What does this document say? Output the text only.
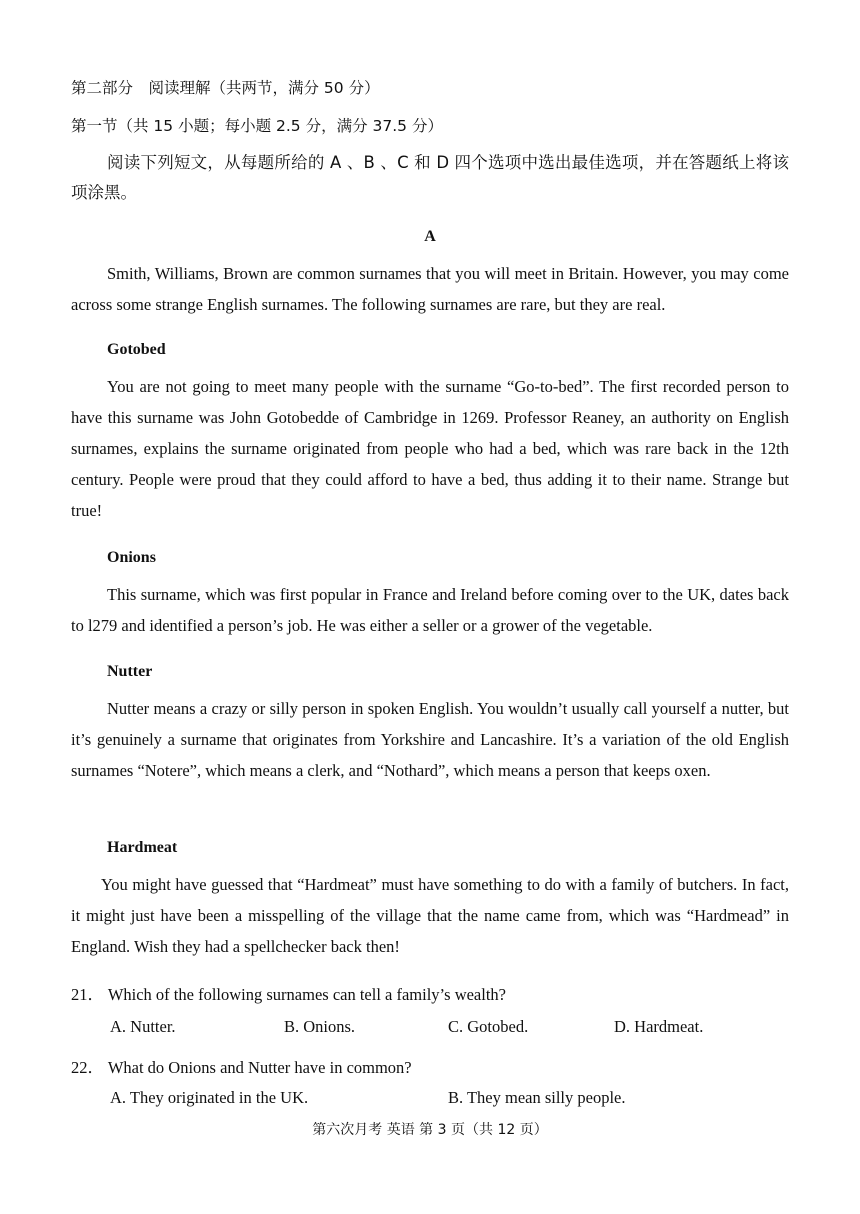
第二部分　阅读理解（共两节，满分 50 分）
第一节（共 15 小题；每小题 2.5 分，满分 37.5 分）
阅读下列短文，从每题所给的 A 、B 、C 和 D 四个选项中选出最佳选项，并在答题纸上将该项涂黑。
A
Smith, Williams, Brown are common surnames that you will meet in Britain. However, you may come across some strange English surnames. The following surnames are rare, but they are real.
Gotobed
You are not going to meet many people with the surname “Go-to-bed”. The first recorded person to have this surname was John Gotobedde of Cambridge in 1269. Professor Reaney, an authority on English surnames, explains the surname originated from people who had a bed, which was rare back in the 12th century. People were proud that they could afford to have a bed, thus adding it to their name. Strange but true!
Onions
This surname, which was first popular in France and Ireland before coming over to the UK, dates back to l279 and identified a person’s job. He was either a seller or a grower of the vegetable.
Nutter
Nutter means a crazy or silly person in spoken English. You wouldn’t usually call yourself a nutter, but it’s genuinely a surname that originates from Yorkshire and Lancashire. It’s a variation of the old English surnames “Notere”, which means a clerk, and “Nothard”, which means a person that keeps oxen.
Hardmeat
You might have guessed that “Hardmeat” must have something to do with a family of butchers. In fact, it might just have been a misspelling of the village that the name came from, which was “Hardmead” in England. Wish they had a spellchecker back then!
21． Which of the following surnames can tell a family’s wealth?
A. Nutter.	B. Onions.	C. Gotobed.	D. Hardmeat.
22． What do Onions and Nutter have in common?
A. They originated in the UK.	B. They mean silly people.
第六次月考 英语 第 3 页（共 12 页）
